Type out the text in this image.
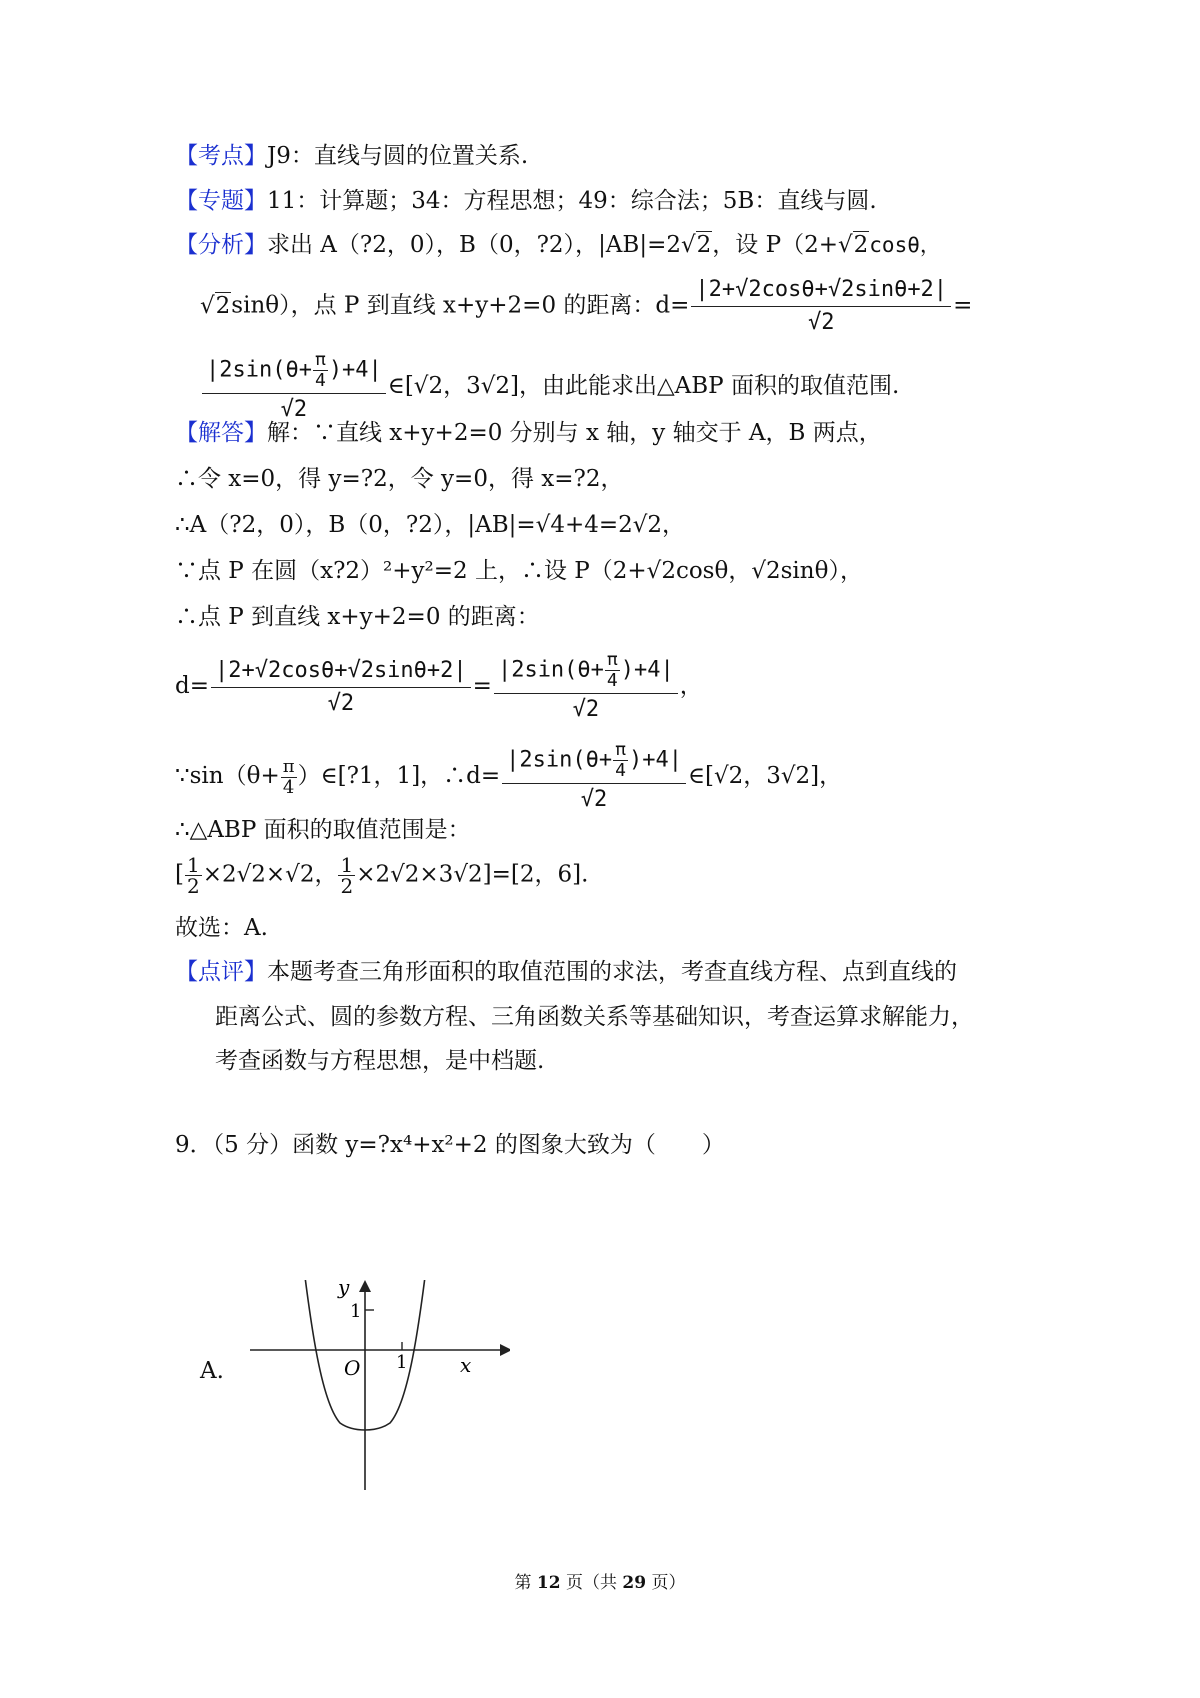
【考点】J9：直线与圆的位置关系.
【专题】11：计算题；34：方程思想；49：综合法；5B：直线与圆.
【分析】求出 A（?2，0），B（0，?2），|AB|=2√2，设 P（2+√2cosθ，
√2sinθ），点 P 到直线 x+y+2=0 的距离：$d= \frac{|2+√2\cos\theta+√2\sin\theta+2|}{√2}$ =
$\frac{|2\sin(\theta+ \frac{\pi}{4} )+4|}{√2}$ ∈[√2，3√2]，由此能求出△ABP 面积的取值范围.
【解答】解：∵直线 x+y+2=0 分别与 x 轴，y 轴交于 A，B 两点，
∴令 x=0，得 y=?2，令 y=0，得 x=?2，
∴A（?2，0），B（0，?2），|AB|=√4+4=2√2，
∵点 P 在圆（x?2）²+y²=2 上，∴设 P（2+√2cosθ，√2sinθ），
∴点 P 到直线 x+y+2=0 的距离：
$d= \frac{|2+√2\cos\theta+√2\sin\theta+2|}{√2} = \frac{|2\sin(\theta+ \frac{\pi}{4} )+4|}{√2}$ ，
∵sin（θ+ $\frac{\pi}{4}$ ）∈[?1，1]，∴d= $\frac{|2\sin(\theta+ \frac{\pi}{4} )+4|}{√2}$ ∈[√2，3√2]，
∴△ABP 面积的取值范围是：
[ $\frac{1}{2} \times 2√2\times√2$， $\frac{1}{2} \times 2√2\times 3√2]=[2$，6].
故选：A.
【点评】本题考查三角形面积的取值范围的求法，考查直线方程、点到直线的
距离公式、圆的参数方程、三角函数关系等基础知识，考查运算求解能力，
考查函数与方程思想，是中档题.
9．（5 分）函数 y=?x⁴+x²+2 的图象大致为（　　）
y
x
O
1
1
A.
第 12 页（共 29 页）
